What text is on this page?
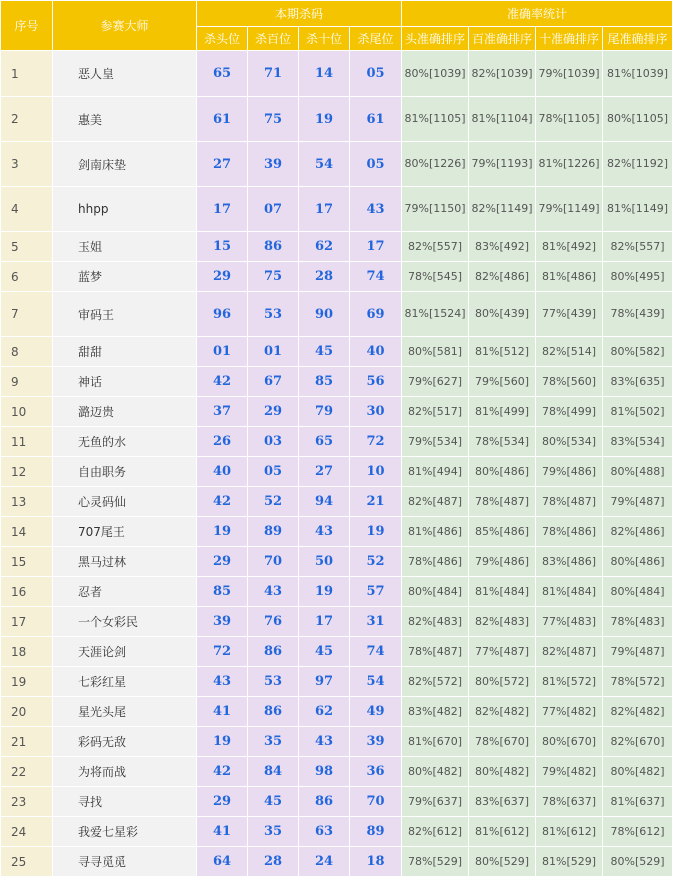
序号	参赛大师	本期杀码				准确率统计			
		杀头位	杀百位	杀十位	杀尾位	头准确排序	百准确排序	十准确排序	尾准确排序
1	恶人皇	65	71	14	05	80%[1039]	82%[1039]	79%[1039]	81%[1039]
2	惠美	61	75	19	61	81%[1105]	81%[1104]	78%[1105]	80%[1105]
3	剑南床垫	27	39	54	05	80%[1226]	79%[1193]	81%[1226]	82%[1192]
4	hhpp	17	07	17	43	79%[1150]	82%[1149]	79%[1149]	81%[1149]
5	玉姐	15	86	62	17	82%[557]	83%[492]	81%[492]	82%[557]
6	蓝梦	29	75	28	74	78%[545]	82%[486]	81%[486]	80%[495]
7	审码王	96	53	90	69	81%[1524]	80%[439]	77%[439]	78%[439]
8	甜甜	01	01	45	40	80%[581]	81%[512]	82%[514]	80%[582]
9	神话	42	67	85	56	79%[627]	79%[560]	78%[560]	83%[635]
10	潞迈贵	37	29	79	30	82%[517]	81%[499]	78%[499]	81%[502]
11	无鱼的水	26	03	65	72	79%[534]	78%[534]	80%[534]	83%[534]
12	自由职务	40	05	27	10	81%[494]	80%[486]	79%[486]	80%[488]
13	心灵码仙	42	52	94	21	82%[487]	78%[487]	78%[487]	79%[487]
14	707尾王	19	89	43	19	81%[486]	85%[486]	78%[486]	82%[486]
15	黑马过林	29	70	50	52	78%[486]	79%[486]	83%[486]	80%[486]
16	忍者	85	43	19	57	80%[484]	81%[484]	81%[484]	80%[484]
17	一个女彩民	39	76	17	31	82%[483]	82%[483]	77%[483]	78%[483]
18	天涯论剑	72	86	45	74	78%[487]	77%[487]	82%[487]	79%[487]
19	七彩红星	43	53	97	54	82%[572]	80%[572]	81%[572]	78%[572]
20	星光头尾	41	86	62	49	83%[482]	82%[482]	77%[482]	82%[482]
21	彩码无敌	19	35	43	39	81%[670]	78%[670]	80%[670]	82%[670]
22	为将而战	42	84	98	36	80%[482]	80%[482]	79%[482]	80%[482]
23	寻找	29	45	86	70	79%[637]	83%[637]	78%[637]	81%[637]
24	我爱七星彩	41	35	63	89	82%[612]	81%[612]	81%[612]	78%[612]
25	寻寻觅觅	64	28	24	18	78%[529]	80%[529]	81%[529]	80%[529]
